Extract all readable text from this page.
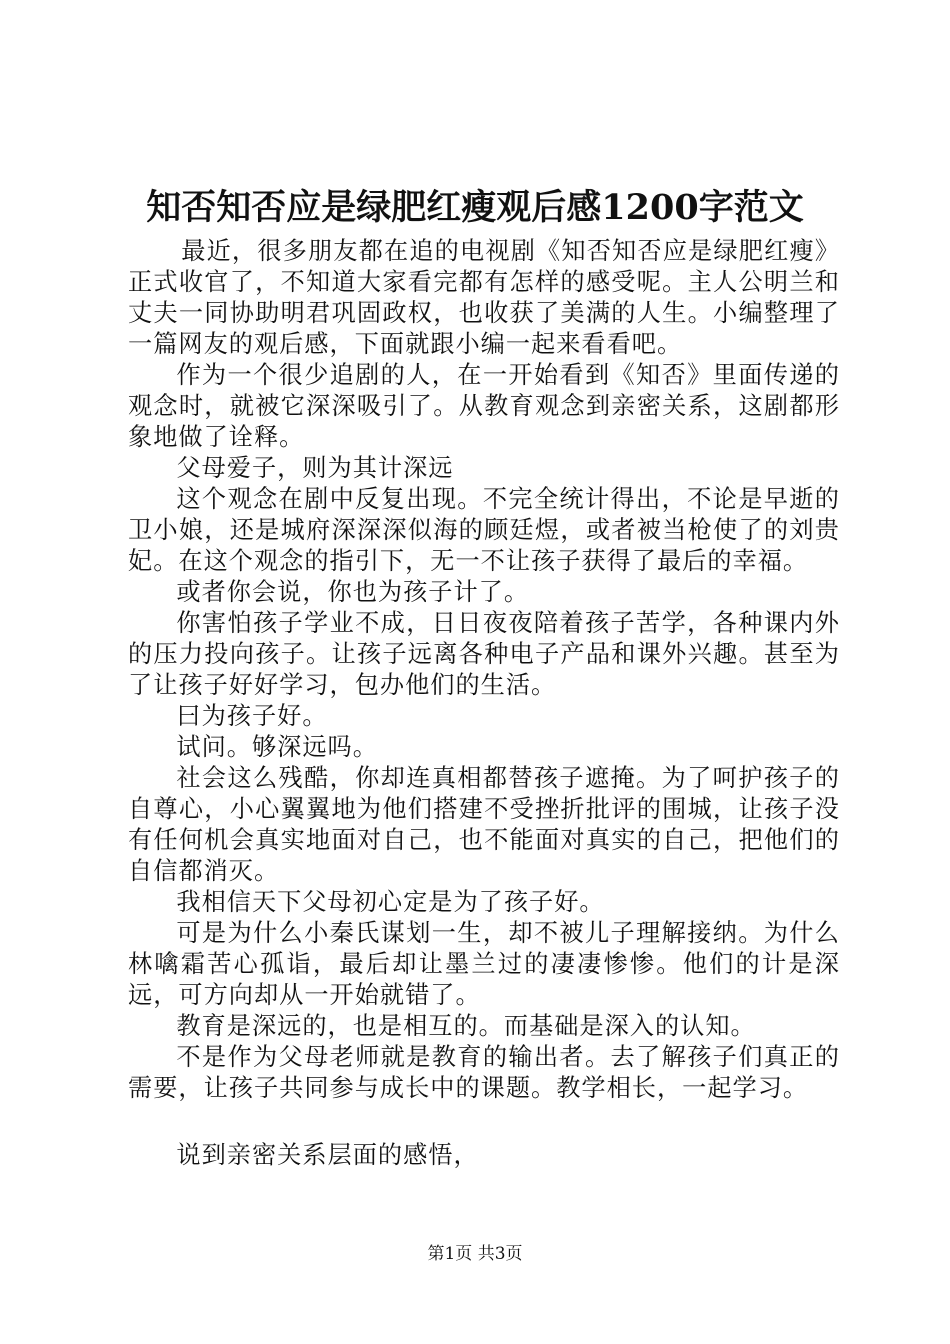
知否知否应是绿肥红瘦观后感1200字范文

最近，很多朋友都在追的电视剧《知否知否应是绿肥红瘦》正式收官了，不知道大家看完都有怎样的感受呢。主人公明兰和丈夫一同协助明君巩固政权，也收获了美满的人生。小编整理了一篇网友的观后感，下面就跟小编一起来看看吧。

作为一个很少追剧的人，在一开始看到《知否》里面传递的观念时，就被它深深吸引了。从教育观念到亲密关系，这剧都形象地做了诠释。

父母爱子，则为其计深远

这个观念在剧中反复出现。不完全统计得出，不论是早逝的卫小娘，还是城府深深深似海的顾廷煜，或者被当枪使了的刘贵妃。在这个观念的指引下，无一不让孩子获得了最后的幸福。

或者你会说，你也为孩子计了。

你害怕孩子学业不成，日日夜夜陪着孩子苦学，各种课内外的压力投向孩子。让孩子远离各种电子产品和课外兴趣。甚至为了让孩子好好学习，包办他们的生活。

曰为孩子好。

试问。够深远吗。

社会这么残酷，你却连真相都替孩子遮掩。为了呵护孩子的自尊心，小心翼翼地为他们搭建不受挫折批评的围城，让孩子没有任何机会真实地面对自己，也不能面对真实的自己，把他们的自信都消灭。

我相信天下父母初心定是为了孩子好。

可是为什么小秦氏谋划一生，却不被儿子理解接纳。为什么林噙霜苦心孤诣，最后却让墨兰过的凄凄惨惨。他们的计是深远，可方向却从一开始就错了。

教育是深远的，也是相互的。而基础是深入的认知。

不是作为父母老师就是教育的输出者。去了解孩子们真正的需要，让孩子共同参与成长中的课题。教学相长，一起学习。

说到亲密关系层面的感悟，

第1页 共3页
